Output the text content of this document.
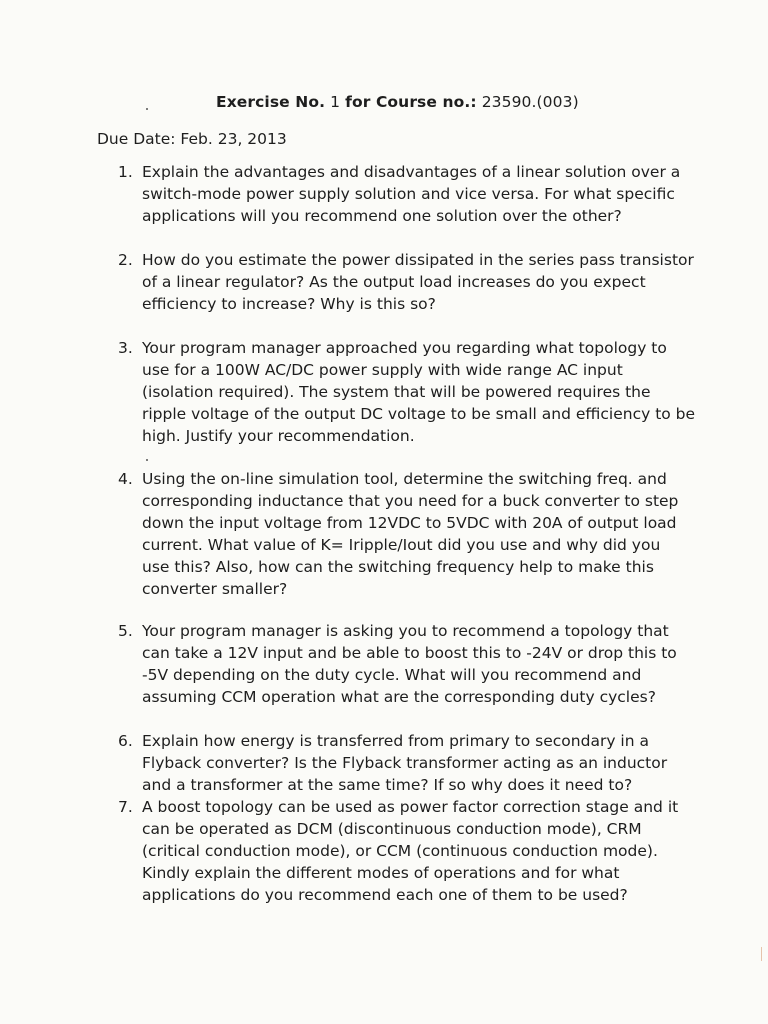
Exercise No. 1 for Course no.: 23590.(003)
Due Date: Feb. 23, 2013
1. Explain the advantages and disadvantages of a linear solution over a
switch-mode power supply solution and vice versa. For what specific
applications will you recommend one solution over the other?
2. How do you estimate the power dissipated in the series pass transistor
of a linear regulator? As the output load increases do you expect
efficiency to increase? Why is this so?
3. Your program manager approached you regarding what topology to
use for a 100W AC/DC power supply with wide range AC input
(isolation required). The system that will be powered requires the
ripple voltage of the output DC voltage to be small and efficiency to be
high. Justify your recommendation.
4. Using the on-line simulation tool, determine the switching freq. and
corresponding inductance that you need for a buck converter to step
down the input voltage from 12VDC to 5VDC with 20A of output load
current. What value of K= Iripple/Iout did you use and why did you
use this? Also, how can the switching frequency help to make this
converter smaller?
5. Your program manager is asking you to recommend a topology that
can take a 12V input and be able to boost this to -24V or drop this to
-5V depending on the duty cycle. What will you recommend and
assuming CCM operation what are the corresponding duty cycles?
6. Explain how energy is transferred from primary to secondary in a
Flyback converter? Is the Flyback transformer acting as an inductor
and a transformer at the same time? If so why does it need to?
7. A boost topology can be used as power factor correction stage and it
can be operated as DCM (discontinuous conduction mode), CRM
(critical conduction mode), or CCM (continuous conduction mode).
Kindly explain the different modes of operations and for what
applications do you recommend each one of them to be used?
